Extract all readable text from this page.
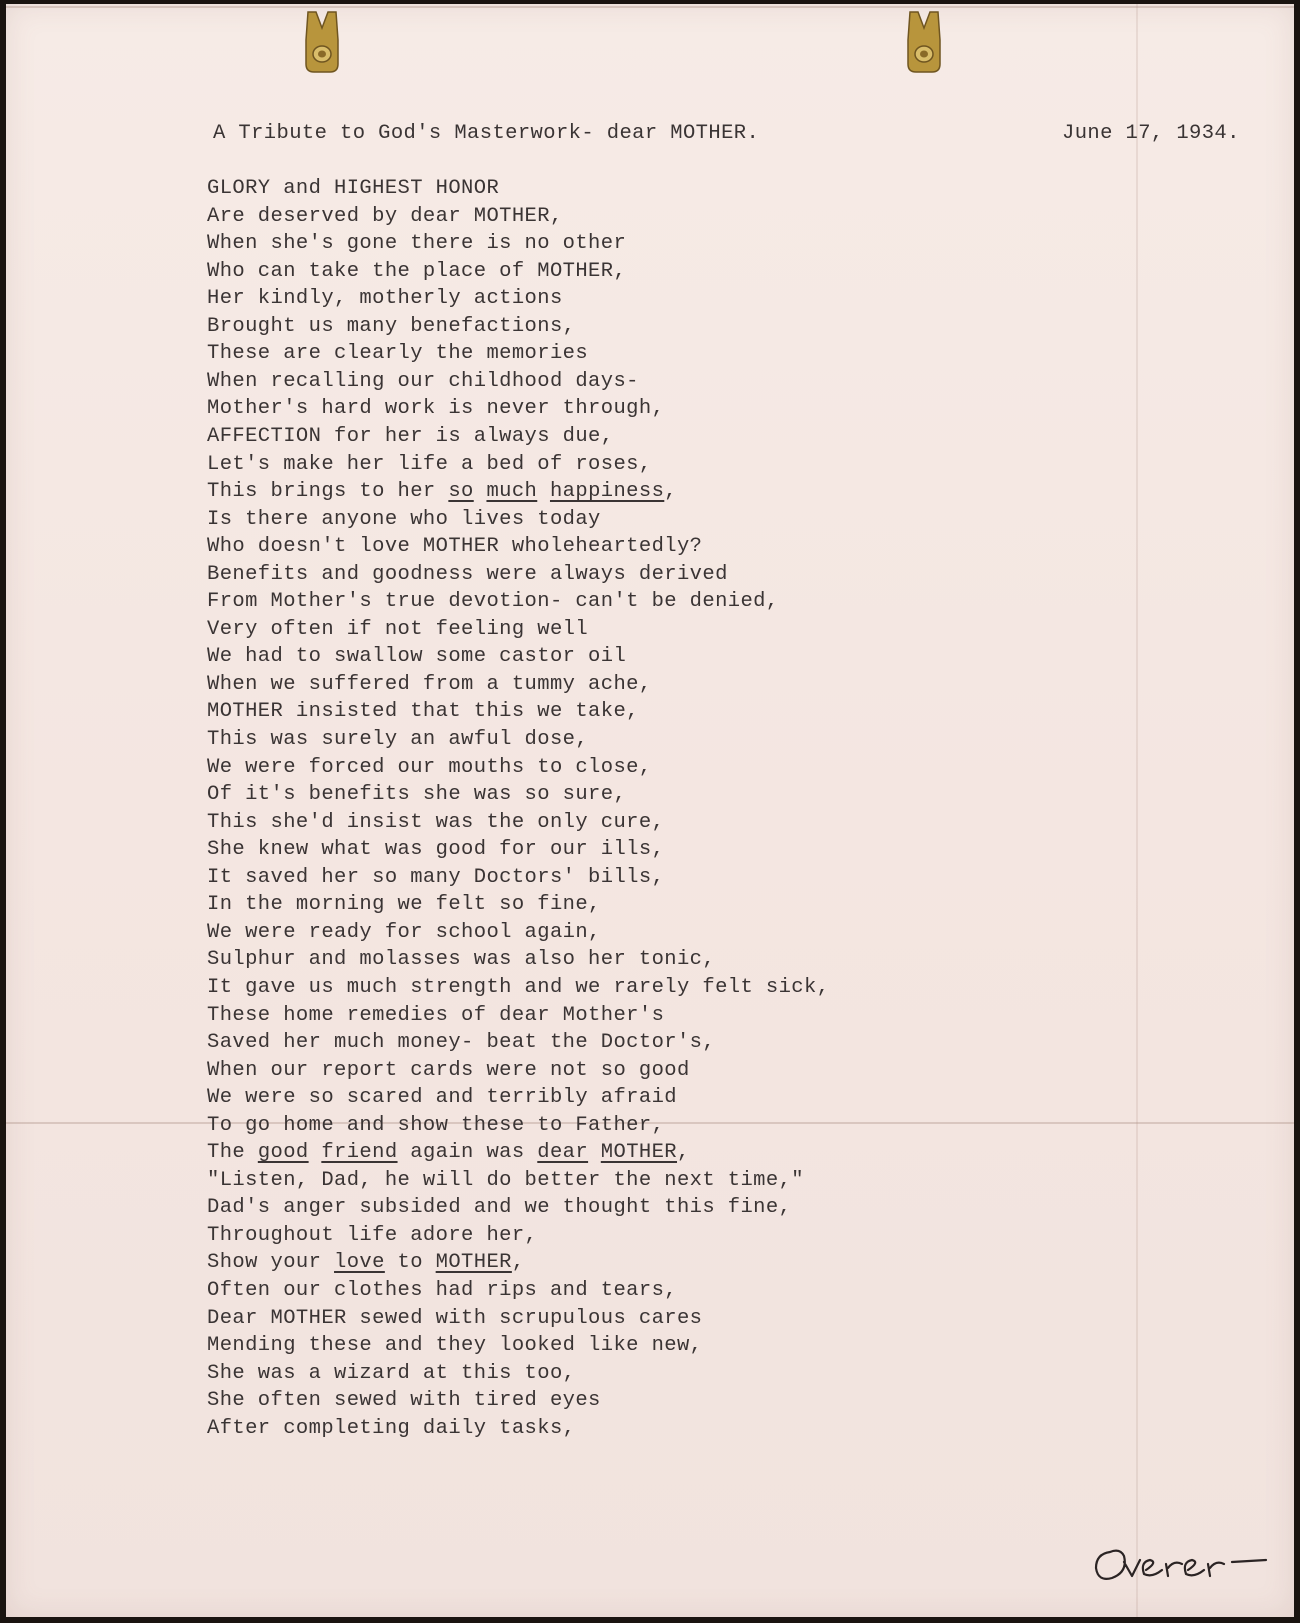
A Tribute to God's Masterwork- dear MOTHER.	June 17, 1934.
GLORY and HIGHEST HONOR
Are deserved by dear MOTHER,
When she's gone there is no other
Who can take the place of MOTHER,
Her kindly, motherly actions
Brought us many benefactions,
These are clearly the memories
When recalling our childhood days-
Mother's hard work is never through,
AFFECTION for her is always due,
Let's make her life a bed of roses,
This brings to her so much happiness,
Is there anyone who lives today
Who doesn't love MOTHER wholeheartedly?
Benefits and goodness were always derived
From Mother's true devotion- can't be denied,
Very often if not feeling well
We had to swallow some castor oil
When we suffered from a tummy ache,
MOTHER insisted that this we take,
This was surely an awful dose,
We were forced our mouths to close,
Of it's benefits she was so sure,
This she'd insist was the only cure,
She knew what was good for our ills,
It saved her so many Doctors' bills,
In the morning we felt so fine,
We were ready for school again,
Sulphur and molasses was also her tonic,
It gave us much strength and we rarely felt sick,
These home remedies of dear Mother's
Saved her much money- beat the Doctor's,
When our report cards were not so good
We were so scared and terribly afraid
To go home and show these to Father,
The good friend again was dear MOTHER,
"Listen, Dad, he will do better the next time,"
Dad's anger subsided and we thought this fine,
Throughout life adore her,
Show your love to MOTHER,
Often our clothes had rips and tears,
Dear MOTHER sewed with scrupulous cares
Mending these and they looked like new,
She was a wizard at this too,
She often sewed with tired eyes
After completing daily tasks,
